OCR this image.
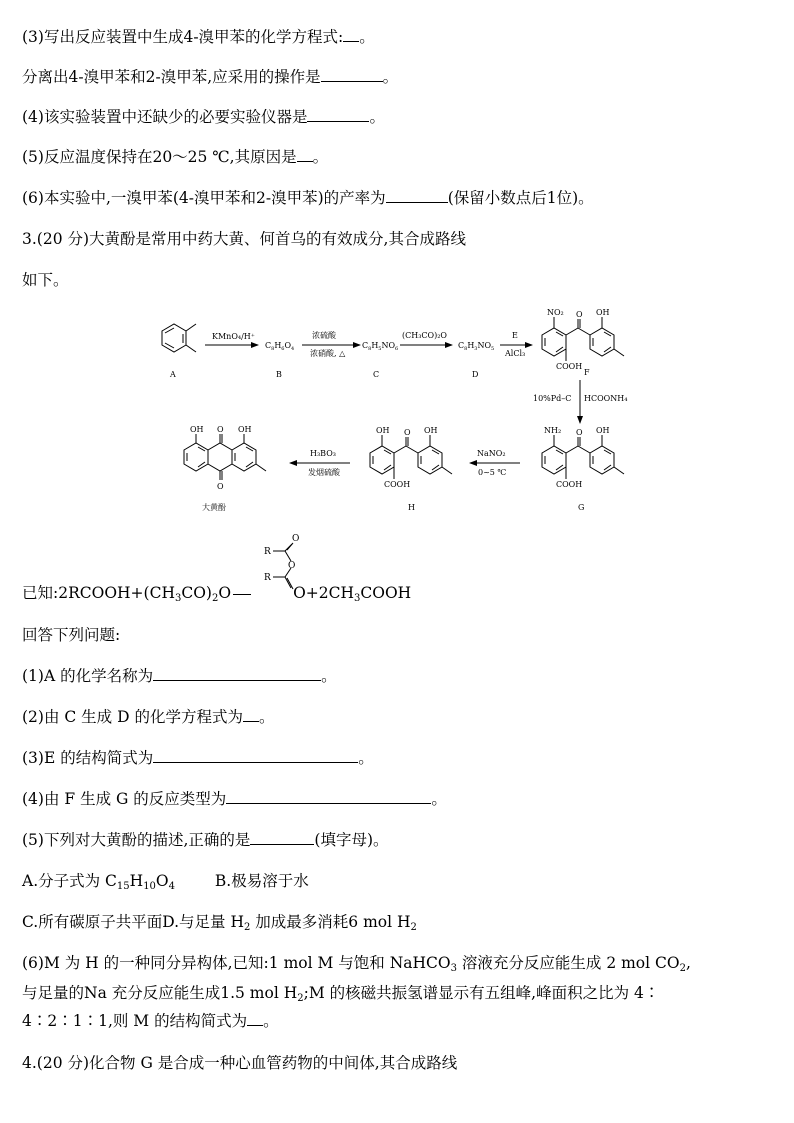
(3)写出反应装置中生成4-溴甲苯的化学方程式: 。
分离出4-溴甲苯和2-溴甲苯,应采用的操作是	。
(4)该实验装置中还缺少的必要实验仪器是	。
(5)反应温度保持在20～25 ℃,其原因是 。
(6)本实验中,一溴甲苯(4-溴甲苯和2-溴甲苯)的产率为	(保留小数点后1位)。
3.(20 分)大黄酚是常用中药大黄、何首乌的有效成分,其合成路线
如下。
A	B	C	D	F
G
H
大黄酚
$C_8H_6O_4$	$C_8H_5NO_6$	$C_8H_3NO_5$
KMnO₄/H⁺	浓硫酸
浓硝酸, △
(CH₃CO)₂O	E
AlCl₃
10%Pd–C HCOONH₄
NaNO₂
0~5 ℃
H₃BO₃
发烟硫酸
NO₂ O OH
COOH
NH₂ O OH
COOH
OH O OH
COOH
OH O OH
O
R
O
O
R
已知$:2RCOOH+(CH_3CO)_2O$	$O+2CH_3COOH$
回答下列问题:
(1)A 的化学名称为	。
(2)由 C 生成 D 的化学方程式为 。
(3)E 的结构简式为	。
(4)由 F 生成 G 的反应类型为	。
(5)下列对大黄酚的描述,正确的是	(填字母)。
A.分子式为 $C_{15}H_{10}O_4$	B.极易溶于水
C.所有碳原子共平面D.与足量 $H_2$ 加成最多消耗6 mol $H_2$
(6)M 为 H 的一种同分异构体,已知:1 mol M 与饱和 NaHCO$_3$ 溶液充分反应能生成 2 mol $CO_2$,
与足量的Na 充分反应能生成1.5 mol $H_2;M$ 的核磁共振氢谱显示有五组峰,峰面积之比为 4∶
4∶2∶1∶1,则 M 的结构简式为 。
4.(20 分)化合物 G 是合成一种心血管药物的中间体,其合成路线
